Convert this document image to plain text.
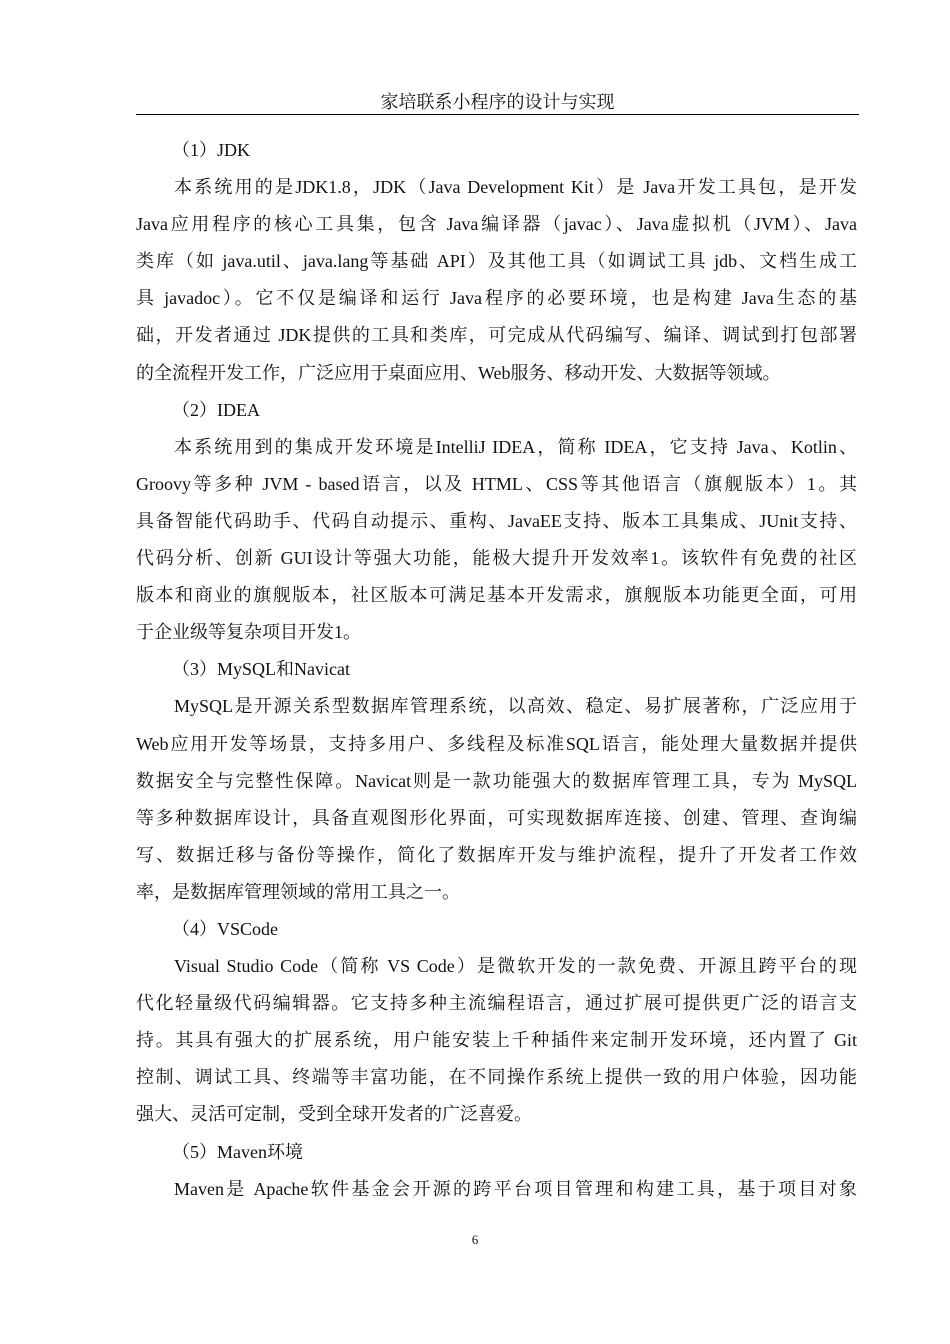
家培联系小程序的设计与实现
（1）JDK
本系统用的是JDK1.8，JDK（Java Development Kit）是 Java开发工具包，是开发
Java应用程序的核心工具集，包含 Java编译器（javac）、Java虚拟机（JVM）、Java
类库（如 java.util、java.lang等基础 API）及其他工具（如调试工具 jdb、文档生成工
具 javadoc）。它不仅是编译和运行 Java程序的必要环境，也是构建 Java生态的基
础，开发者通过 JDK提供的工具和类库，可完成从代码编写、编译、调试到打包部署
的全流程开发工作，广泛应用于桌面应用、Web服务、移动开发、大数据等领域。
（2）IDEA
本系统用到的集成开发环境是IntelliJ IDEA，简称 IDEA，它支持 Java、Kotlin、
Groovy等多种 JVM - based语言，以及 HTML、CSS等其他语言（旗舰版本）1。其
具备智能代码助手、代码自动提示、重构、JavaEE支持、版本工具集成、JUnit支持、
代码分析、创新 GUI设计等强大功能，能极大提升开发效率1。该软件有免费的社区
版本和商业的旗舰版本，社区版本可满足基本开发需求，旗舰版本功能更全面，可用
于企业级等复杂项目开发1。
（3）MySQL和Navicat
MySQL是开源关系型数据库管理系统，以高效、稳定、易扩展著称，广泛应用于
Web应用开发等场景，支持多用户、多线程及标准SQL语言，能处理大量数据并提供
数据安全与完整性保障。Navicat则是一款功能强大的数据库管理工具，专为 MySQL
等多种数据库设计，具备直观图形化界面，可实现数据库连接、创建、管理、查询编
写、数据迁移与备份等操作，简化了数据库开发与维护流程，提升了开发者工作效
率，是数据库管理领域的常用工具之一。
（4）VSCode
Visual Studio Code（简称 VS Code）是微软开发的一款免费、开源且跨平台的现
代化轻量级代码编辑器。它支持多种主流编程语言，通过扩展可提供更广泛的语言支
持。其具有强大的扩展系统，用户能安装上千种插件来定制开发环境，还内置了 Git
控制、调试工具、终端等丰富功能，在不同操作系统上提供一致的用户体验，因功能
强大、灵活可定制，受到全球开发者的广泛喜爱。
（5）Maven环境
Maven是 Apache软件基金会开源的跨平台项目管理和构建工具，基于项目对象
6
